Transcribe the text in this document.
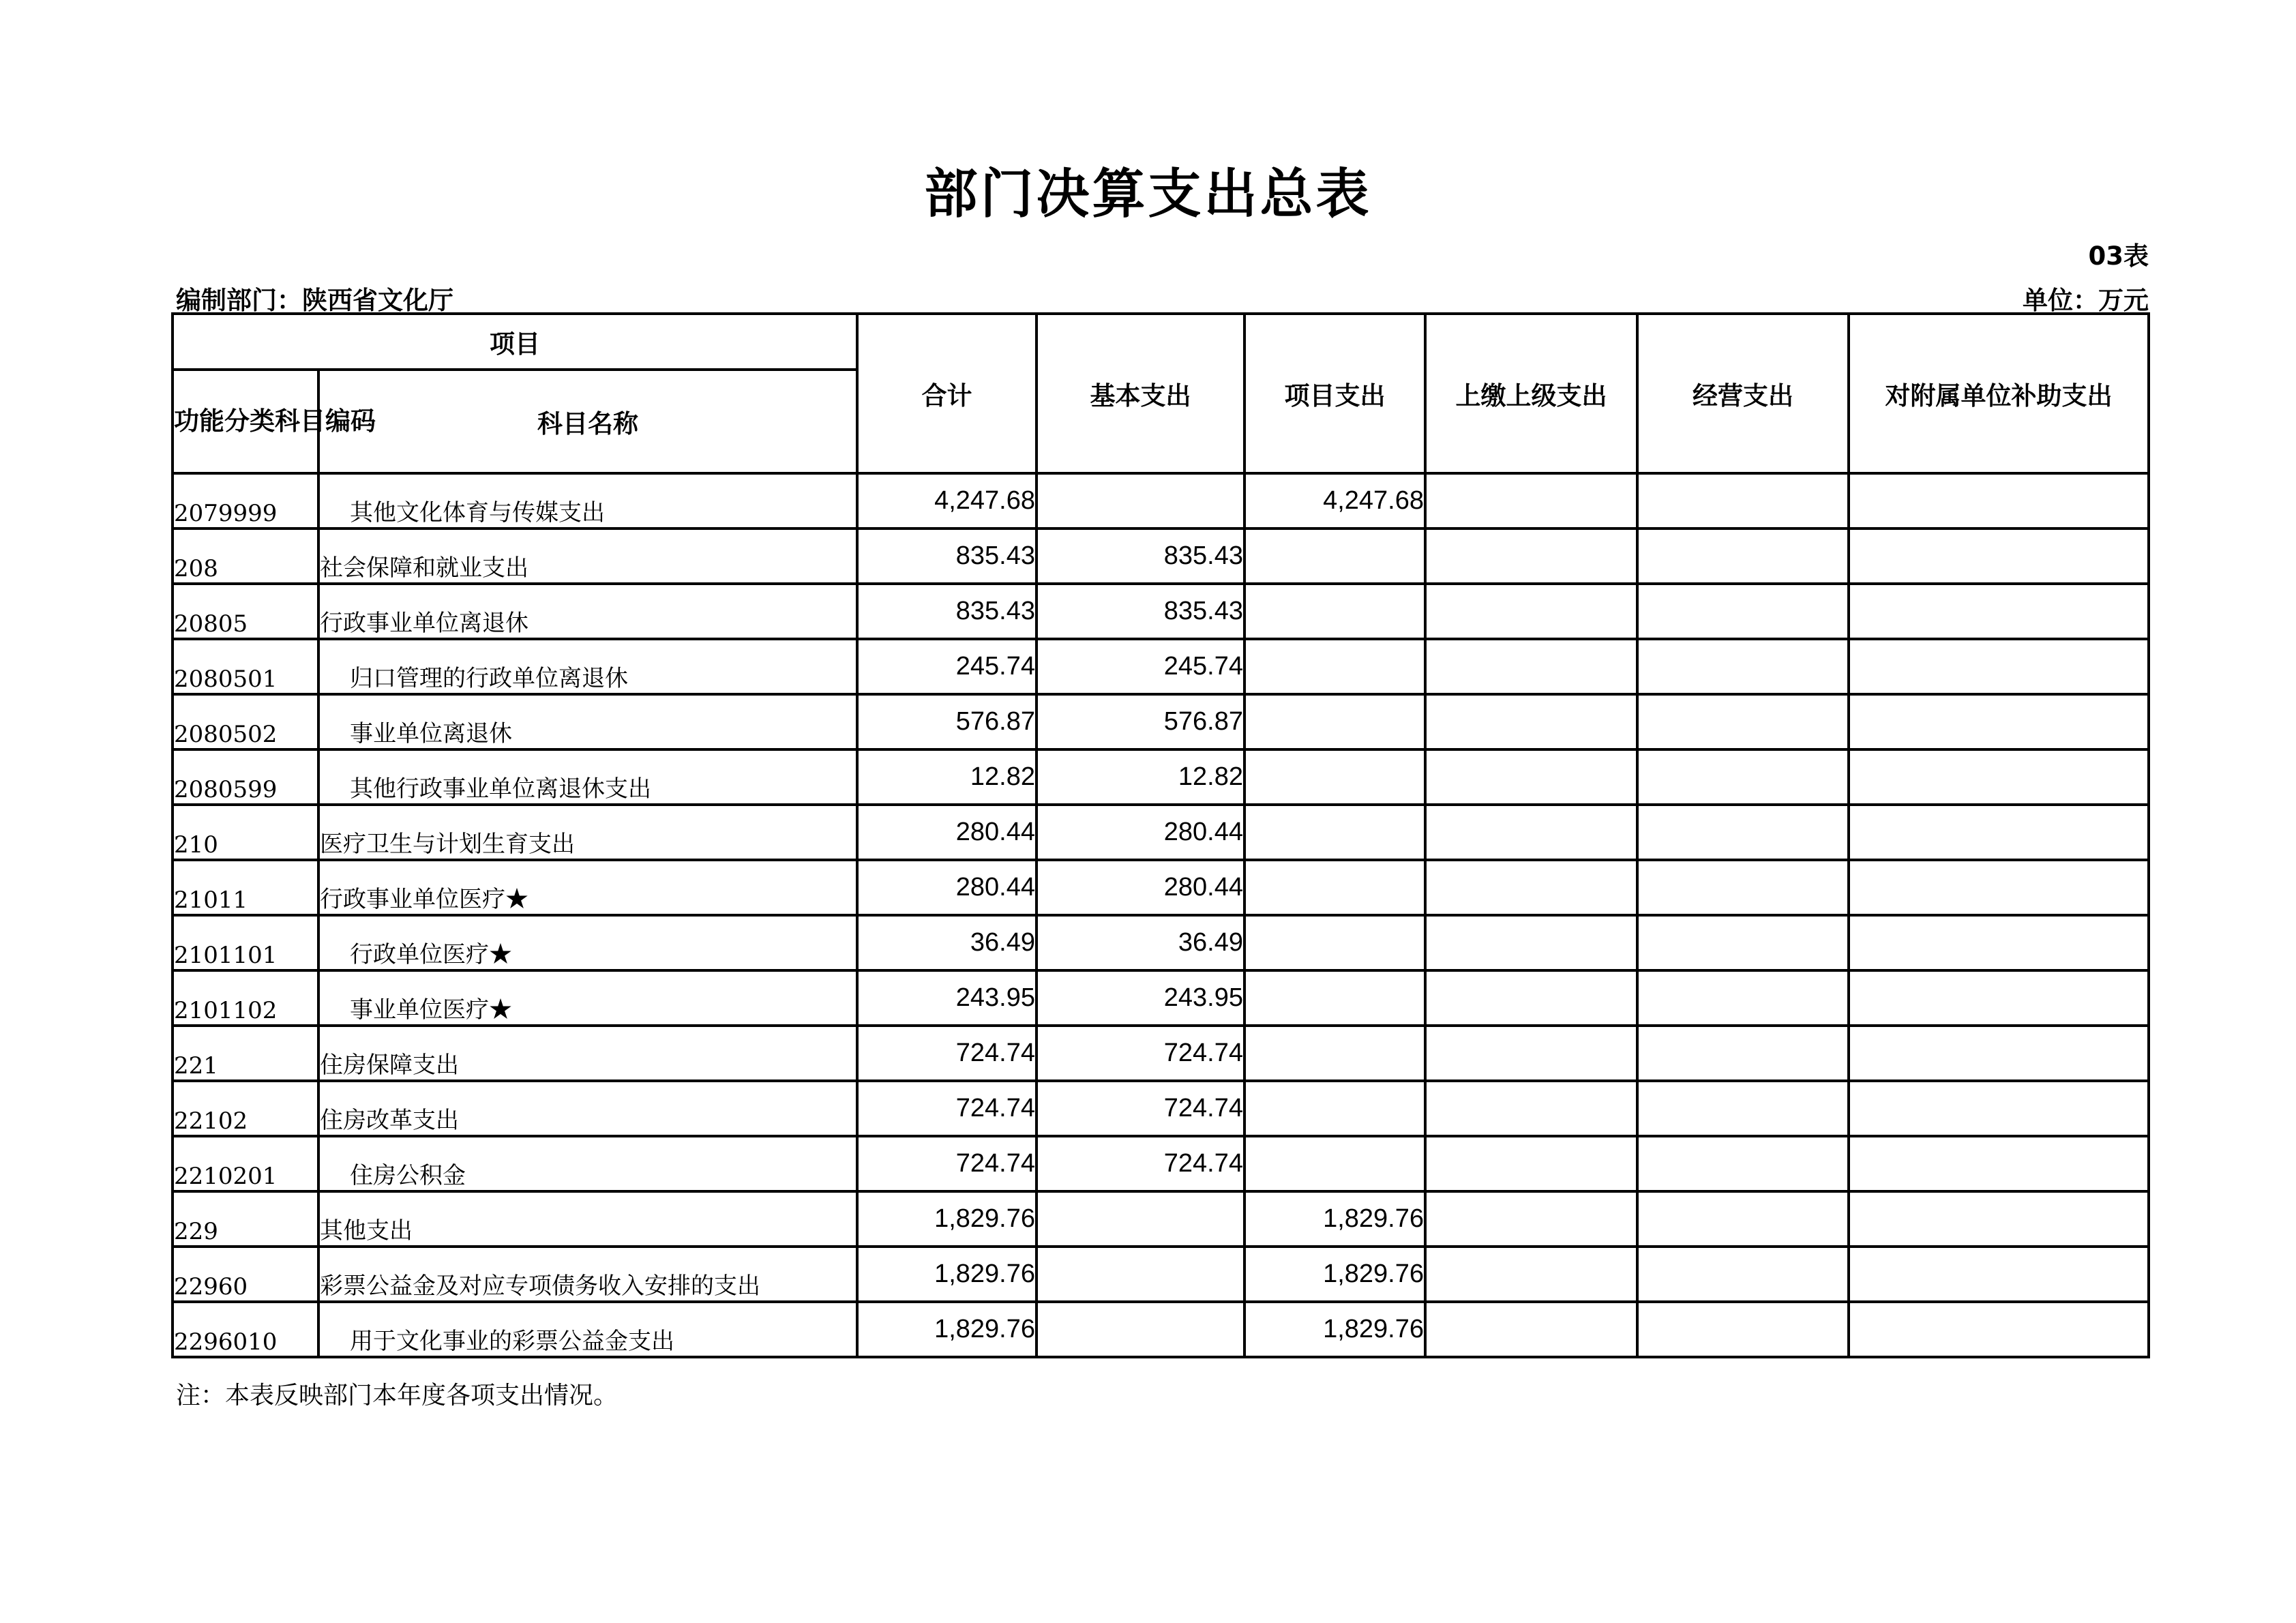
部门决算支出总表
03表
编制部门：陕西省文化厅	单位：万元
项目		合计	基本支出	项目支出	上缴上级支出	经营支出	对附属单位补助支出
功能分类科目编码	科目名称						
2079999	其他文化体育与传媒支出	4,247.68		4,247.68			
208	社会保障和就业支出	835.43	835.43				
20805	行政事业单位离退休	835.43	835.43				
2080501	归口管理的行政单位离退休	245.74	245.74				
2080502	事业单位离退休	576.87	576.87				
2080599	其他行政事业单位离退休支出	12.82	12.82				
210	医疗卫生与计划生育支出	280.44	280.44				
21011	行政事业单位医疗★	280.44	280.44				
2101101	行政单位医疗★	36.49	36.49				
2101102	事业单位医疗★	243.95	243.95				
221	住房保障支出	724.74	724.74				
22102	住房改革支出	724.74	724.74				
2210201	住房公积金	724.74	724.74				
229	其他支出	1,829.76		1,829.76			
22960	彩票公益金及对应专项债务收入安排的支出	1,829.76		1,829.76			
2296010	用于文化事业的彩票公益金支出	1,829.76		1,829.76			
注：本表反映部门本年度各项支出情况。
